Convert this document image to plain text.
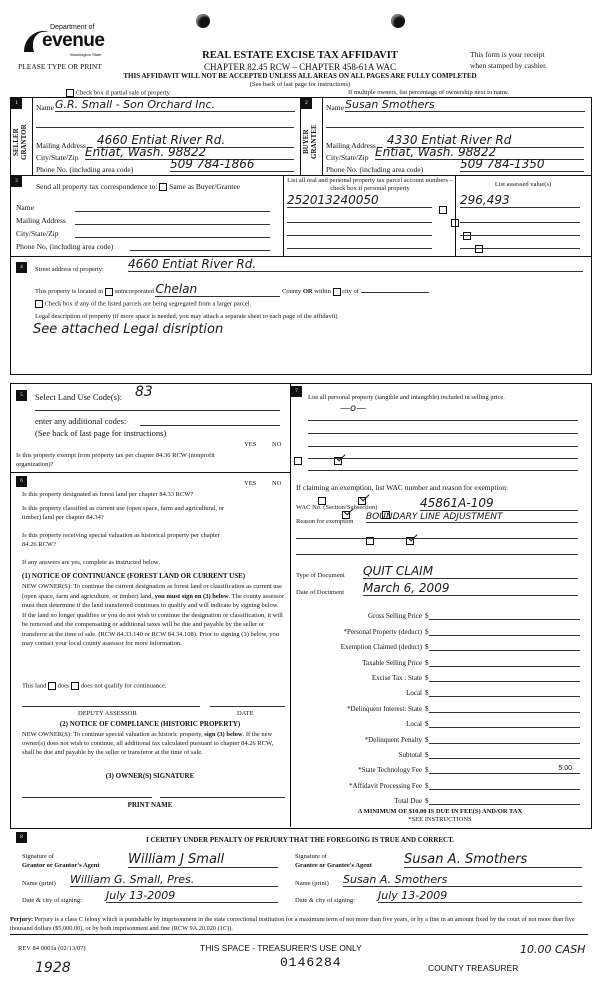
Department of
evenue
Washington State
PLEASE TYPE OR PRINT
REAL ESTATE EXCISE TAX AFFIDAVIT
CHAPTER 82.45 RCW – CHAPTER 458-61A WAC
This form is your receipt
when stamped by cashier.
THIS AFFIDAVIT WILL NOT BE ACCEPTED UNLESS ALL AREAS ON ALL PAGES ARE FULLY COMPLETED
(See back of last page for instructions)
Check box if partial sale of property	If multiple owners, list percentage of ownership next to name.
1
SELLER GRANTOR
Name G.R. Small - Son Orchard Inc.
Mailing Address 4660 Entiat River Rd.
City/State/Zip Entiat, Wash. 98822
Phone No. (including area code)	509 784-1866
2
BUYER GRANTEE
Name Susan Smothers
Mailing Address 4330 Entiat River Rd
City/State/Zip Entiat, Wash. 98822
Phone No. (including area code)	509 784-1350
3
Send all property tax correspondence to: Same as Buyer/Grantee
Name
Mailing Address
City/State/Zip
Phone No. (including area code)
List all real and personal property tax parcel account numbers – check box if personal property
List assessed value(s)
252013240050
	296,493
4	Street address of property: 4660 Entiat River Rd.
This property is located in unincorporated Chelan	County OR within city of
Check box if any of the listed parcels are being segregated from a larger parcel.
Legal description of property (if more space is needed, you may attach a separate sheet to each page of the affidavit)
See attached Legal disription
5	Select Land Use Code(s): 83
enter any additional codes:
(See back of last page for instructions)
YES NO
Is this property exempt from property tax per chapter 84.36 RCW (nonprofit organization)?

6	YES NO
Is this property designated as forest land per chapter 84.33 RCW?

Is this property classified as current use (open space, farm and agricultural, or timber) land per chapter 84.34?

Is this property receiving special valuation as historical property per chapter 84.26 RCW?

If any answers are yes, complete as instructed below.
(1) NOTICE OF CONTINUANCE (FOREST LAND OR CURRENT USE)
NEW OWNER(S): To continue the current designation as forest land or classification as current use (open space, farm and agriculture, or timber) land, you must sign on (3) below. The county assessor must then determine if the land transferred continues to qualify and will indicate by signing below. If the land no longer qualifies or you do not wish to continue the designation or classification, it will be removed and the compensating or additional taxes will be due and payable by the seller or transferor at the time of sale. (RCW 84.33.140 or RCW 84.34.108). Prior to signing (3) below, you may contact your local county assessor for more information.
This land does does not qualify for continuance.
DEPUTY ASSESSOR	DATE
(2) NOTICE OF COMPLIANCE (HISTORIC PROPERTY)
NEW OWNER(S): To continue special valuation as historic property, sign (3) below. If the new owner(s) does not wish to continue, all additional tax calculated pursuant to chapter 84.26 RCW, shall be due and payable by the seller or transferor at the time of sale.
(3) OWNER(S) SIGNATURE
PRINT NAME
7
List all personal property (tangible and intangible) included in selling price.
—o—
If claiming an exemption, list WAC number and reason for exemption:
WAC No. (Section/Subsection)	45861A-109
Reason for exemption BOUNDARY LINE ADJUSTMENT
Type of Document QUIT CLAIM
Date of Document March 6, 2009
Gross Selling Price $
*Personal Property (deduct) $
Exemption Claimed (deduct) $
Taxable Selling Price $
Excise Tax : State $
Local $
*Delinquent Interest: State $
Local $
*Delinquent Penalty $
Subtotal $
*State Technology Fee $	5.00
*Affidavit Processing Fee $
Total Due $
A MINIMUM OF $10.00 IS DUE IN FEE(S) AND/OR TAX
*SEE INSTRUCTIONS
8	I CERTIFY UNDER PENALTY OF PERJURY THAT THE FOREGOING IS TRUE AND CORRECT.
Signature of
Grantor or Grantor's Agent William J Small
Name (print) William G. Small, Pres.
Date & city of signing: July 13-2009
Signature of
Grantee or Grantee's Agent Susan A. Smothers
Name (print) Susan A. Smothers
Date & city of signing: July 13-2009
Perjury: Perjury is a class C felony which is punishable by imprisonment in the state correctional institution for a maximum term of not more than five years, or by a fine in an amount fixed by the court of not more than five thousand dollars ($5,000.00), or by both imprisonment and fine (RCW 9A.20.020 (1C)).
REV 84 0001a (02/13/07)	THIS SPACE - TREASURER'S USE ONLY
0146284
1928	COUNTY TREASURER
10.00 CASH
